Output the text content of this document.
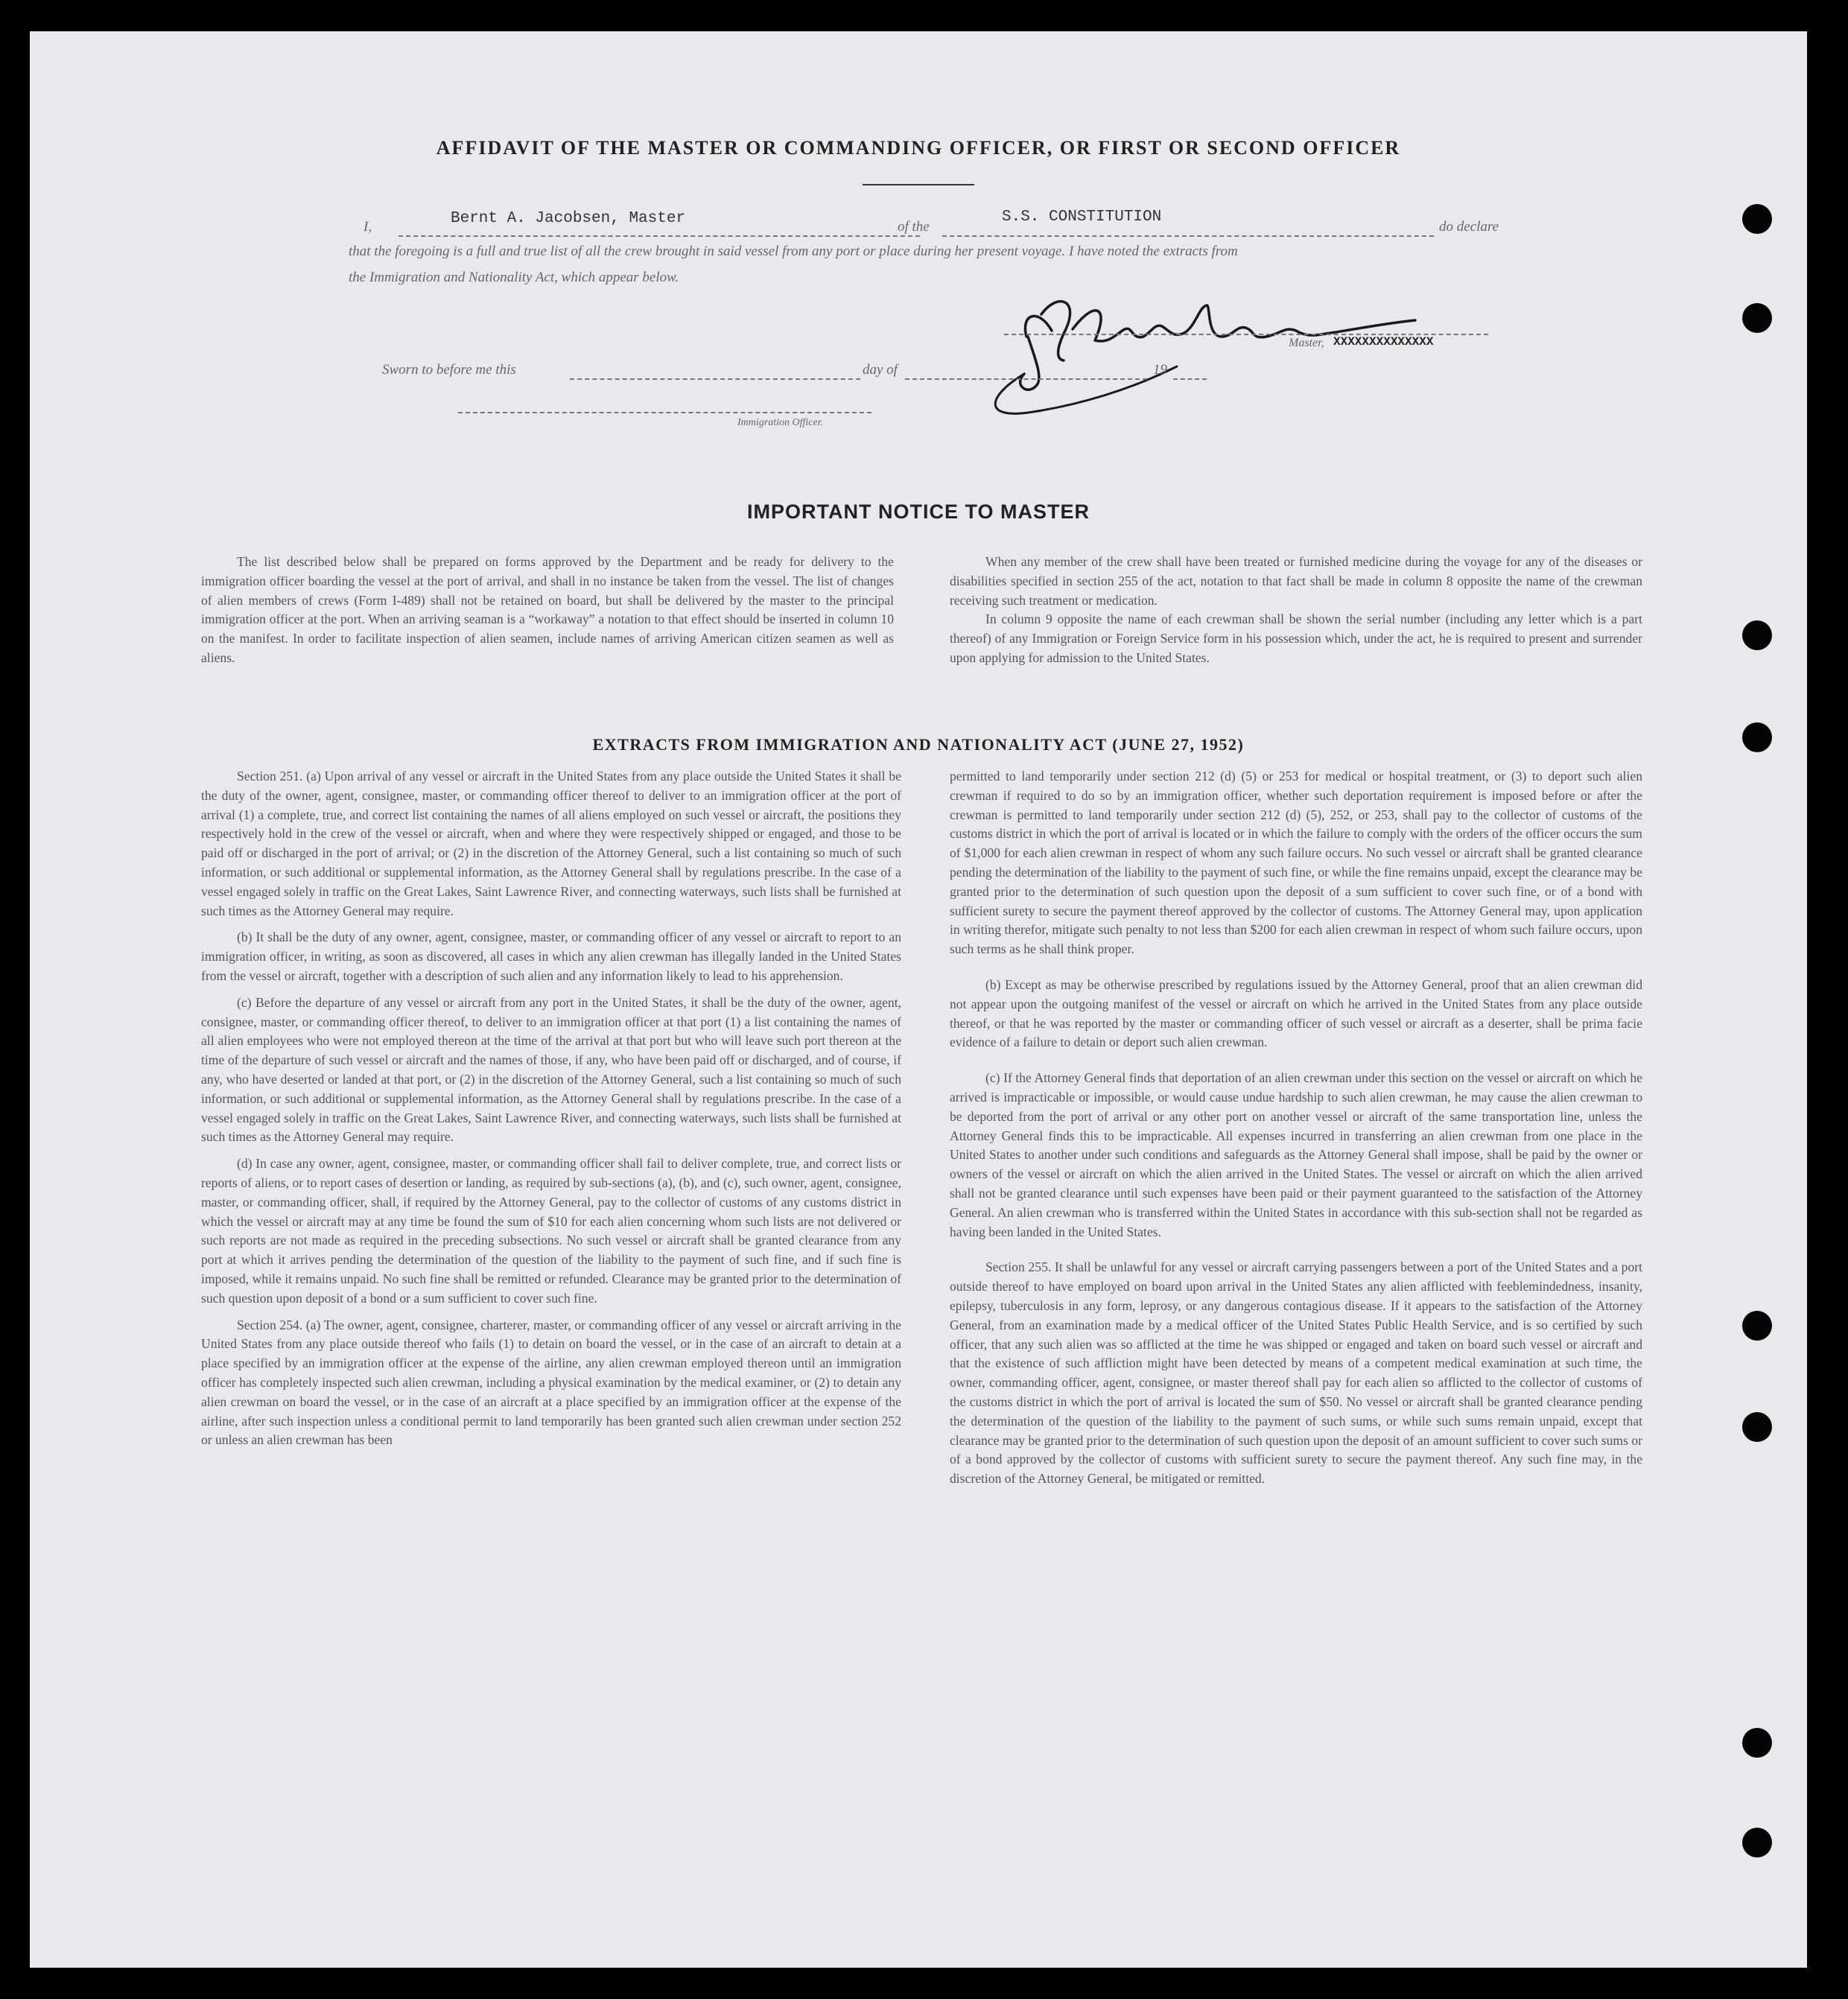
AFFIDAVIT OF THE MASTER OR COMMANDING OFFICER, OR FIRST OR SECOND OFFICER
I,	Bernt A. Jacobsen, Master	of the
S.S. CONSTITUTION
do declare
that the foregoing is a full and true list of all the crew brought in said vessel from any port or place during her present voyage. I have noted the extracts from
the Immigration and Nationality Act, which appear below.
Master, XXXXXXXXXXXXXX
Sworn to before me this	day of	19
Immigration Officer.
IMPORTANT NOTICE TO MASTER

The list described below shall be prepared on forms approved by the Department and be ready for delivery to the immigration officer boarding the vessel at the port of arrival, and shall in no instance be taken from the vessel. The list of changes of alien members of crews (Form I-489) shall not be retained on board, but shall be delivered by the master to the principal immigration officer at the port. When an arriving seaman is a “workaway” a notation to that effect should be inserted in column 10 on the manifest. In order to facilitate inspection of alien seamen, include names of arriving American citizen seamen as well as aliens.

When any member of the crew shall have been treated or furnished medicine during the voyage for any of the diseases or disabilities specified in section 255 of the act, notation to that fact shall be made in column 8 opposite the name of the crewman receiving such treatment or medication.

In column 9 opposite the name of each crewman shall be shown the serial number (including any letter which is a part thereof) of any Immigration or Foreign Service form in his possession which, under the act, he is required to present and surrender upon applying for admission to the United States.

EXTRACTS FROM IMMIGRATION AND NATIONALITY ACT (JUNE 27, 1952)

Section 251. (a) Upon arrival of any vessel or aircraft in the United States from any place outside the United States it shall be the duty of the owner, agent, consignee, master, or commanding officer thereof to deliver to an immigration officer at the port of arrival (1) a complete, true, and correct list containing the names of all aliens employed on such vessel or aircraft, the positions they respectively hold in the crew of the vessel or aircraft, when and where they were respectively shipped or engaged, and those to be paid off or discharged in the port of arrival; or (2) in the discretion of the Attorney General, such a list containing so much of such information, or such additional or supplemental information, as the Attorney General shall by regulations prescribe. In the case of a vessel engaged solely in traffic on the Great Lakes, Saint Lawrence River, and connecting waterways, such lists shall be furnished at such times as the Attorney General may require.

(b) It shall be the duty of any owner, agent, consignee, master, or commanding officer of any vessel or aircraft to report to an immigration officer, in writing, as soon as discovered, all cases in which any alien crewman has illegally landed in the United States from the vessel or aircraft, together with a description of such alien and any information likely to lead to his apprehension.

(c) Before the departure of any vessel or aircraft from any port in the United States, it shall be the duty of the owner, agent, consignee, master, or commanding officer thereof, to deliver to an immigration officer at that port (1) a list containing the names of all alien employees who were not employed thereon at the time of the arrival at that port but who will leave such port thereon at the time of the departure of such vessel or aircraft and the names of those, if any, who have been paid off or discharged, and of course, if any, who have deserted or landed at that port, or (2) in the discretion of the Attorney General, such a list containing so much of such information, or such additional or supplemental information, as the Attorney General shall by regulations prescribe. In the case of a vessel engaged solely in traffic on the Great Lakes, Saint Lawrence River, and connecting waterways, such lists shall be furnished at such times as the Attorney General may require.

(d) In case any owner, agent, consignee, master, or commanding officer shall fail to deliver complete, true, and correct lists or reports of aliens, or to report cases of desertion or landing, as required by sub-sections (a), (b), and (c), such owner, agent, consignee, master, or commanding officer, shall, if required by the Attorney General, pay to the collector of customs of any customs district in which the vessel or aircraft may at any time be found the sum of $10 for each alien concerning whom such lists are not delivered or such reports are not made as required in the preceding subsections. No such vessel or aircraft shall be granted clearance from any port at which it arrives pending the determination of the question of the liability to the payment of such fine, and if such fine is imposed, while it remains unpaid. No such fine shall be remitted or refunded. Clearance may be granted prior to the determination of such question upon deposit of a bond or a sum sufficient to cover such fine.

Section 254. (a) The owner, agent, consignee, charterer, master, or commanding officer of any vessel or aircraft arriving in the United States from any place outside thereof who fails (1) to detain on board the vessel, or in the case of an aircraft to detain at a place specified by an immigration officer at the expense of the airline, any alien crewman employed thereon until an immigration officer has completely inspected such alien crewman, including a physical examination by the medical examiner, or (2) to detain any alien crewman on board the vessel, or in the case of an aircraft at a place specified by an immigration officer at the expense of the airline, after such inspection unless a conditional permit to land temporarily has been granted such alien crewman under section 252 or unless an alien crewman has been

permitted to land temporarily under section 212 (d) (5) or 253 for medical or hospital treatment, or (3) to deport such alien crewman if required to do so by an immigration officer, whether such deportation requirement is imposed before or after the crewman is permitted to land temporarily under section 212 (d) (5), 252, or 253, shall pay to the collector of customs of the customs district in which the port of arrival is located or in which the failure to comply with the orders of the officer occurs the sum of $1,000 for each alien crewman in respect of whom any such failure occurs. No such vessel or aircraft shall be granted clearance pending the determination of the liability to the payment of such fine, or while the fine remains unpaid, except the clearance may be granted prior to the determination of such question upon the deposit of a sum sufficient to cover such fine, or of a bond with sufficient surety to secure the payment thereof approved by the collector of customs. The Attorney General may, upon application in writing therefor, mitigate such penalty to not less than $200 for each alien crewman in respect of whom such failure occurs, upon such terms as he shall think proper.

(b) Except as may be otherwise prescribed by regulations issued by the Attorney General, proof that an alien crewman did not appear upon the outgoing manifest of the vessel or aircraft on which he arrived in the United States from any place outside thereof, or that he was reported by the master or commanding officer of such vessel or aircraft as a deserter, shall be prima facie evidence of a failure to detain or deport such alien crewman.

(c) If the Attorney General finds that deportation of an alien crewman under this section on the vessel or aircraft on which he arrived is impracticable or impossible, or would cause undue hardship to such alien crewman, he may cause the alien crewman to be deported from the port of arrival or any other port on another vessel or aircraft of the same transportation line, unless the Attorney General finds this to be impracticable. All expenses incurred in transferring an alien crewman from one place in the United States to another under such conditions and safeguards as the Attorney General shall impose, shall be paid by the owner or owners of the vessel or aircraft on which the alien arrived in the United States. The vessel or aircraft on which the alien arrived shall not be granted clearance until such expenses have been paid or their payment guaranteed to the satisfaction of the Attorney General. An alien crewman who is transferred within the United States in accordance with this sub-section shall not be regarded as having been landed in the United States.

Section 255. It shall be unlawful for any vessel or aircraft carrying passengers between a port of the United States and a port outside thereof to have employed on board upon arrival in the United States any alien afflicted with feeblemindedness, insanity, epilepsy, tuberculosis in any form, leprosy, or any dangerous contagious disease. If it appears to the satisfaction of the Attorney General, from an examination made by a medical officer of the United States Public Health Service, and is so certified by such officer, that any such alien was so afflicted at the time he was shipped or engaged and taken on board such vessel or aircraft and that the existence of such affliction might have been detected by means of a competent medical examination at such time, the owner, commanding officer, agent, consignee, or master thereof shall pay for each alien so afflicted to the collector of customs of the customs district in which the port of arrival is located the sum of $50. No vessel or aircraft shall be granted clearance pending the determination of the question of the liability to the payment of such sums, or while such sums remain unpaid, except that clearance may be granted prior to the determination of such question upon the deposit of an amount sufficient to cover such sums or of a bond approved by the collector of customs with sufficient surety to secure the payment thereof. Any such fine may, in the discretion of the Attorney General, be mitigated or remitted.
